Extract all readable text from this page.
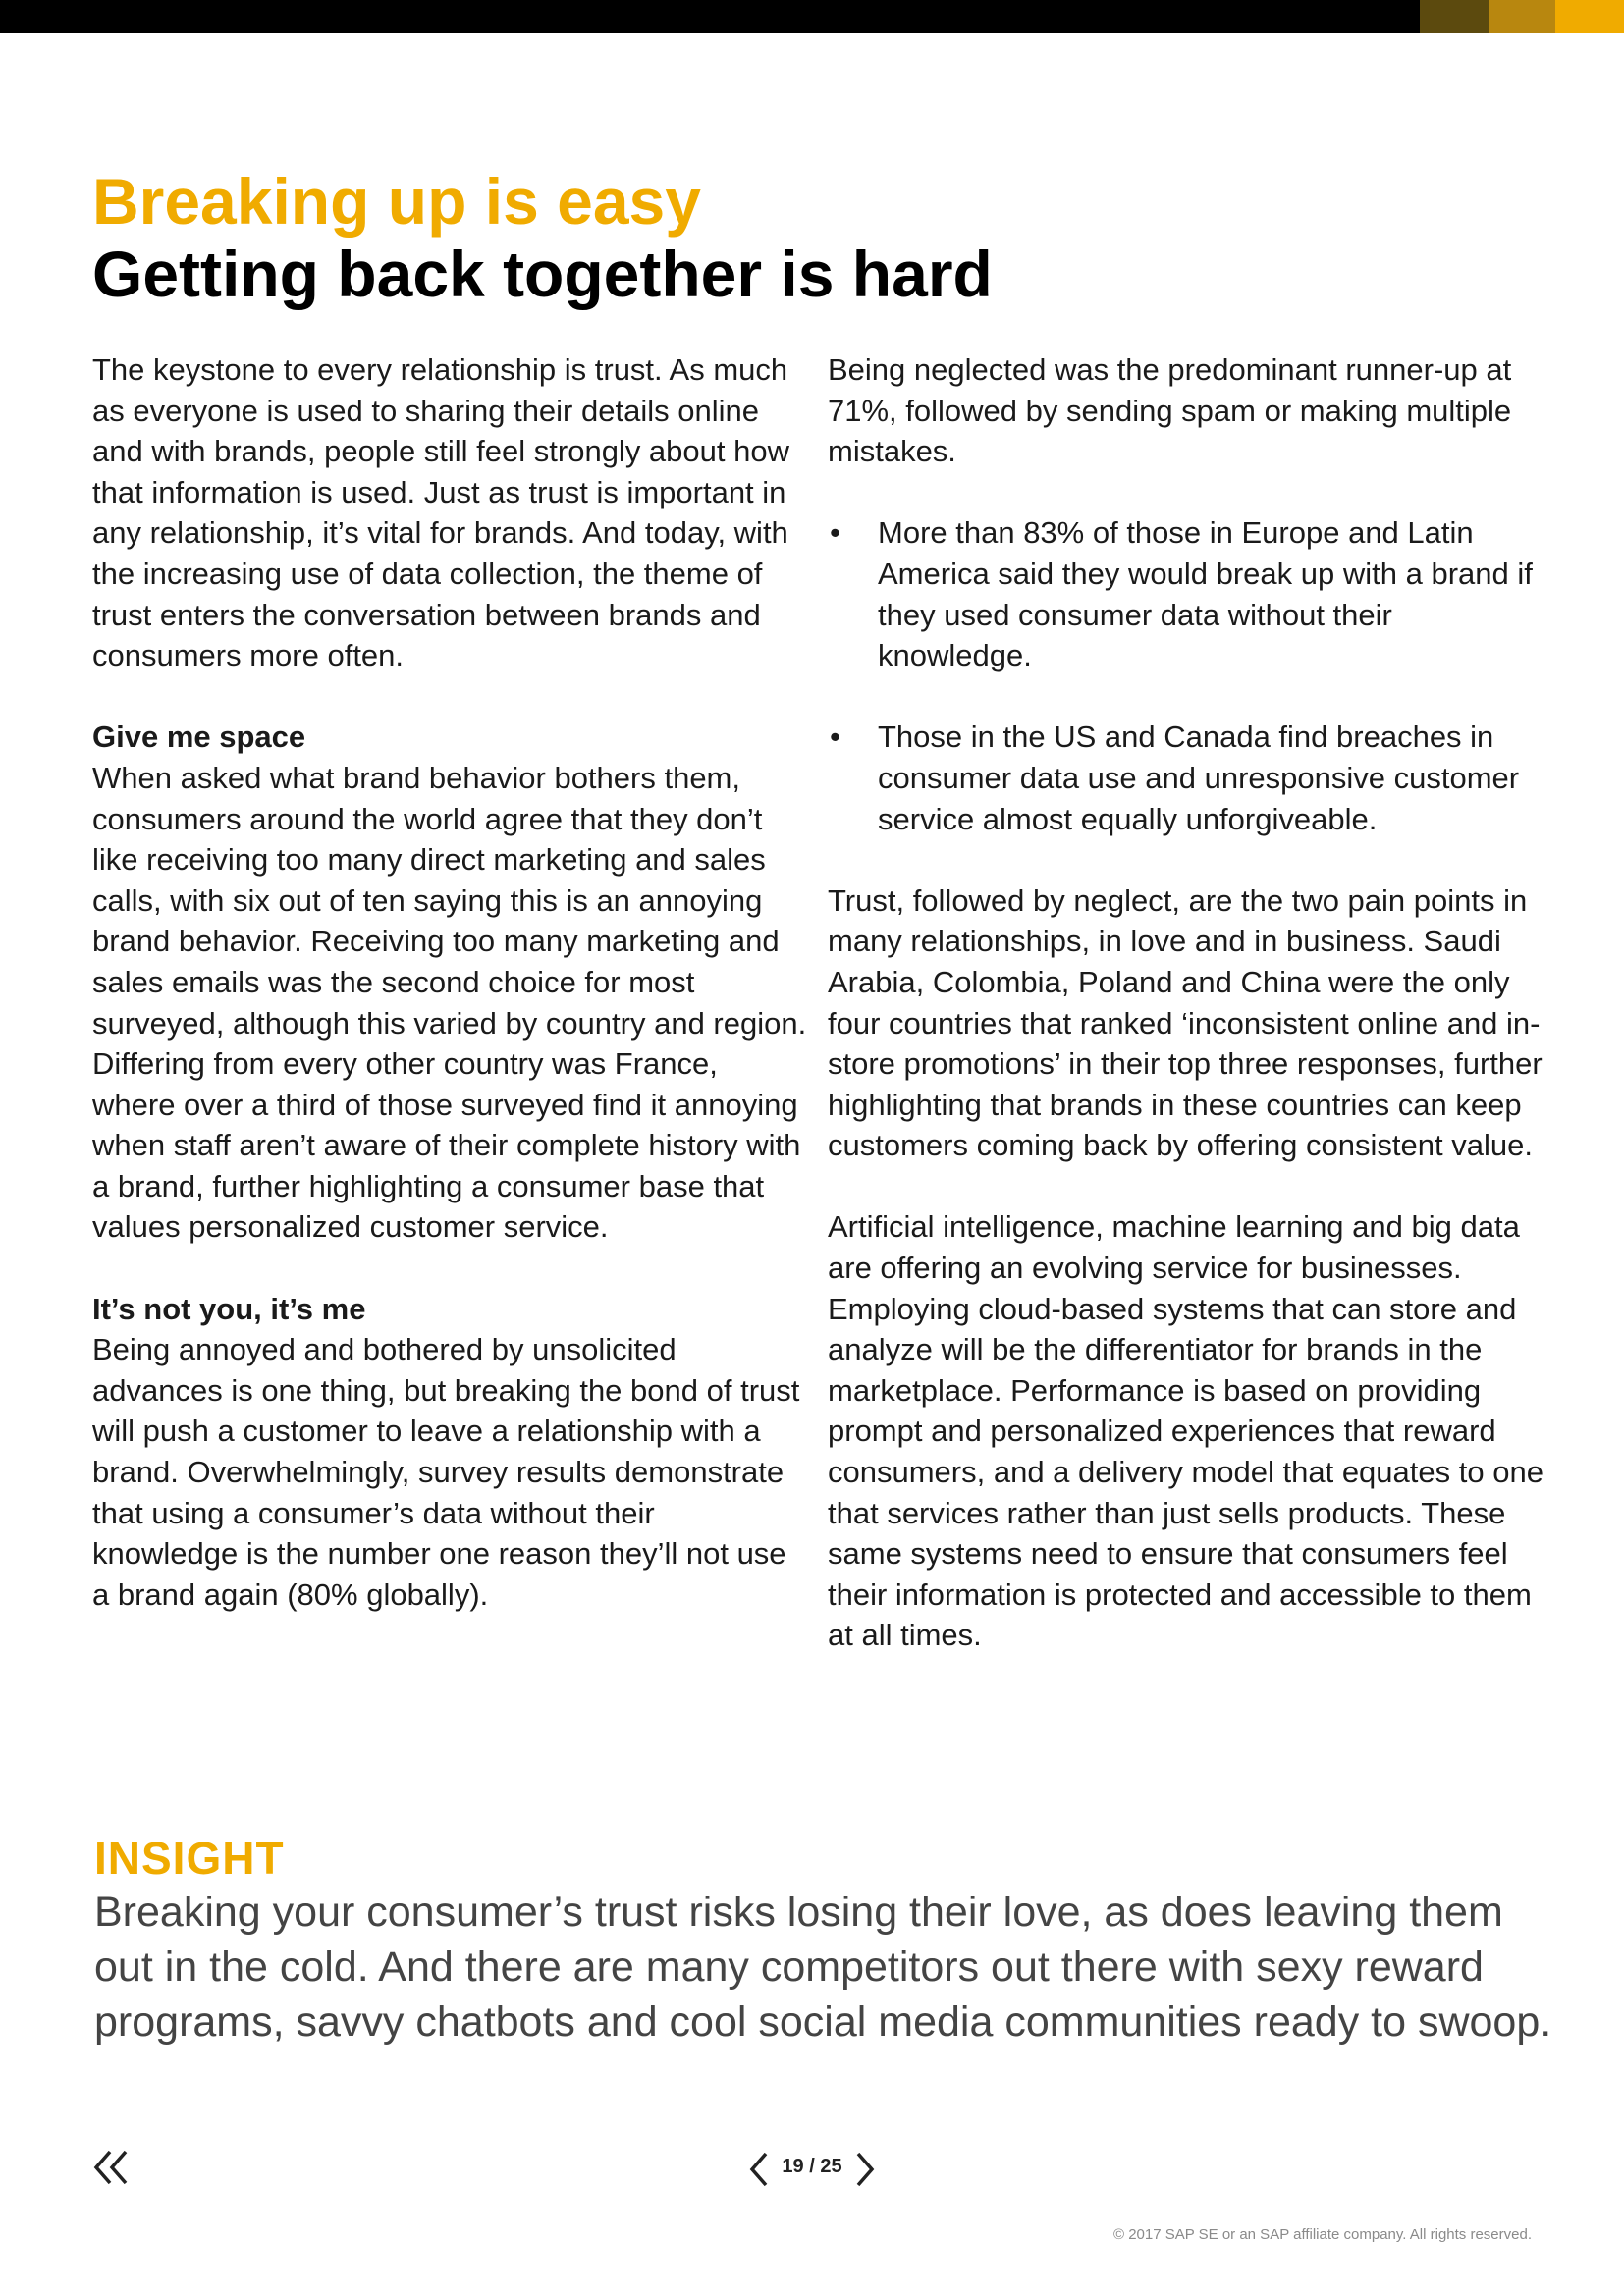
Breaking up is easy
Getting back together is hard

The keystone to every relationship is trust. As much as everyone is used to sharing their details online and with brands, people still feel strongly about how that information is used. Just as trust is important in any relationship, it’s vital for brands. And today, with the increasing use of data collection, the theme of trust enters the conversation between brands and consumers more often.

Give me space

When asked what brand behavior bothers them, consumers around the world agree that they don’t like receiving too many direct marketing and sales calls, with six out of ten saying this is an annoying brand behavior. Receiving too many marketing and sales emails was the second choice for most surveyed, although this varied by country and region. Differing from every other country was France, where over a third of those surveyed find it annoying when staff aren’t aware of their complete history with a brand, further highlighting a consumer base that values personalized customer service.

It’s not you, it’s me

Being annoyed and bothered by unsolicited advances is one thing, but breaking the bond of trust will push a customer to leave a relationship with a brand. Overwhelmingly, survey results demonstrate that using a consumer’s data without their knowledge is the number one reason they’ll not use a brand again (80% globally).

Being neglected was the predominant runner-up at 71%, followed by sending spam or making multiple mistakes.

• More than 83% of those in Europe and Latin America said they would break up with a brand if they used consumer data without their knowledge.
• Those in the US and Canada find breaches in consumer data use and unresponsive customer service almost equally unforgiveable.

Trust, followed by neglect, are the two pain points in many relationships, in love and in business. Saudi Arabia, Colombia, Poland and China were the only four countries that ranked ‘inconsistent online and in-store promotions’ in their top three responses, further highlighting that brands in these countries can keep customers coming back by offering consistent value.

Artificial intelligence, machine learning and big data are offering an evolving service for businesses. Employing cloud-based systems that can store and analyze will be the differentiator for brands in the marketplace. Performance is based on providing prompt and personalized experiences that reward consumers, and a delivery model that equates to one that services rather than just sells products. These same systems need to ensure that consumers feel their information is protected and accessible to them at all times.

INSIGHT
Breaking your consumer’s trust risks losing their love, as does leaving them out in the cold. And there are many competitors out there with sexy reward programs, savvy chatbots and cool social media communities ready to swoop.
19 / 25
© 2017 SAP SE or an SAP affiliate company. All rights reserved.
